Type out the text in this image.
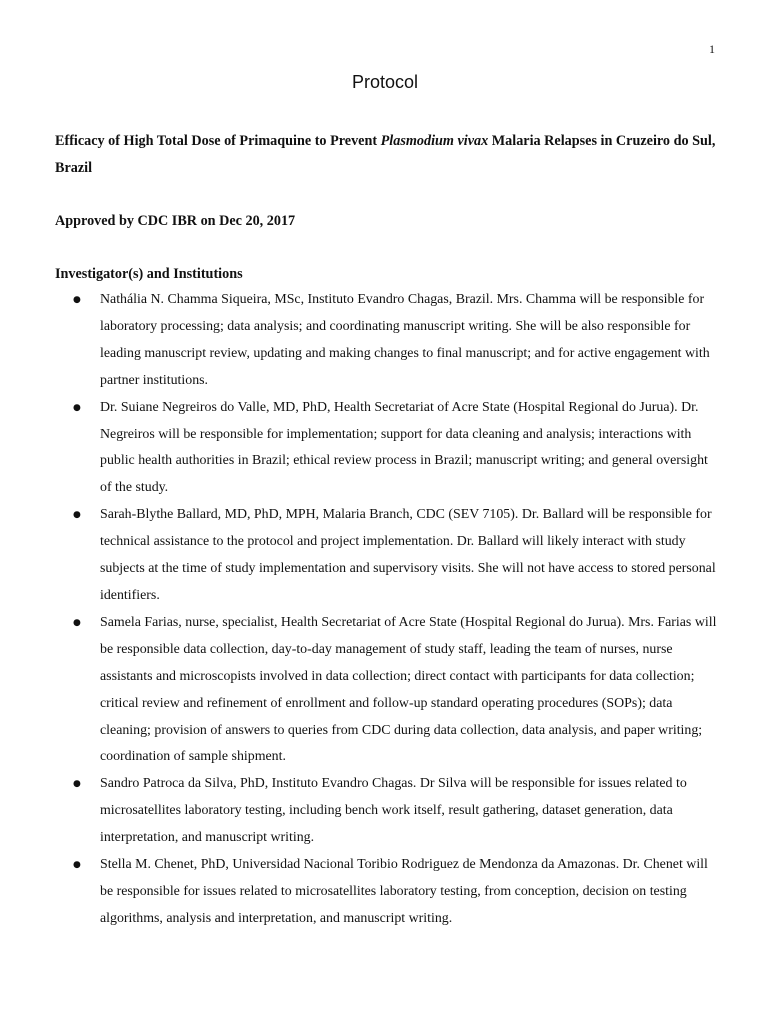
1
Protocol
Efficacy of High Total Dose of Primaquine to Prevent Plasmodium vivax Malaria Relapses in Cruzeiro do Sul, Brazil
Approved by CDC IBR on Dec 20, 2017
Investigator(s) and Institutions
● Nathália N. Chamma Siqueira, MSc, Instituto Evandro Chagas, Brazil. Mrs. Chamma will be responsible for laboratory processing; data analysis; and coordinating manuscript writing. She will be also responsible for leading manuscript review, updating and making changes to final manuscript; and for active engagement with partner institutions.
● Dr. Suiane Negreiros do Valle, MD, PhD, Health Secretariat of Acre State (Hospital Regional do Jurua). Dr. Negreiros will be responsible for implementation; support for data cleaning and analysis; interactions with public health authorities in Brazil; ethical review process in Brazil; manuscript writing; and general oversight of the study.
● Sarah-Blythe Ballard, MD, PhD, MPH, Malaria Branch, CDC (SEV 7105). Dr. Ballard will be responsible for technical assistance to the protocol and project implementation. Dr. Ballard will likely interact with study subjects at the time of study implementation and supervisory visits. She will not have access to stored personal identifiers.
● Samela Farias, nurse, specialist, Health Secretariat of Acre State (Hospital Regional do Jurua). Mrs. Farias will be responsible data collection, day-to-day management of study staff, leading the team of nurses, nurse assistants and microscopists involved in data collection; direct contact with participants for data collection; critical review and refinement of enrollment and follow-up standard operating procedures (SOPs); data cleaning; provision of answers to queries from CDC during data collection, data analysis, and paper writing; coordination of sample shipment.
● Sandro Patroca da Silva, PhD, Instituto Evandro Chagas. Dr Silva will be responsible for issues related to microsatellites laboratory testing, including bench work itself, result gathering, dataset generation, data interpretation, and manuscript writing.
● Stella M. Chenet, PhD, Universidad Nacional Toribio Rodriguez de Mendonza da Amazonas. Dr. Chenet will be responsible for issues related to microsatellites laboratory testing, from conception, decision on testing algorithms, analysis and interpretation, and manuscript writing.
